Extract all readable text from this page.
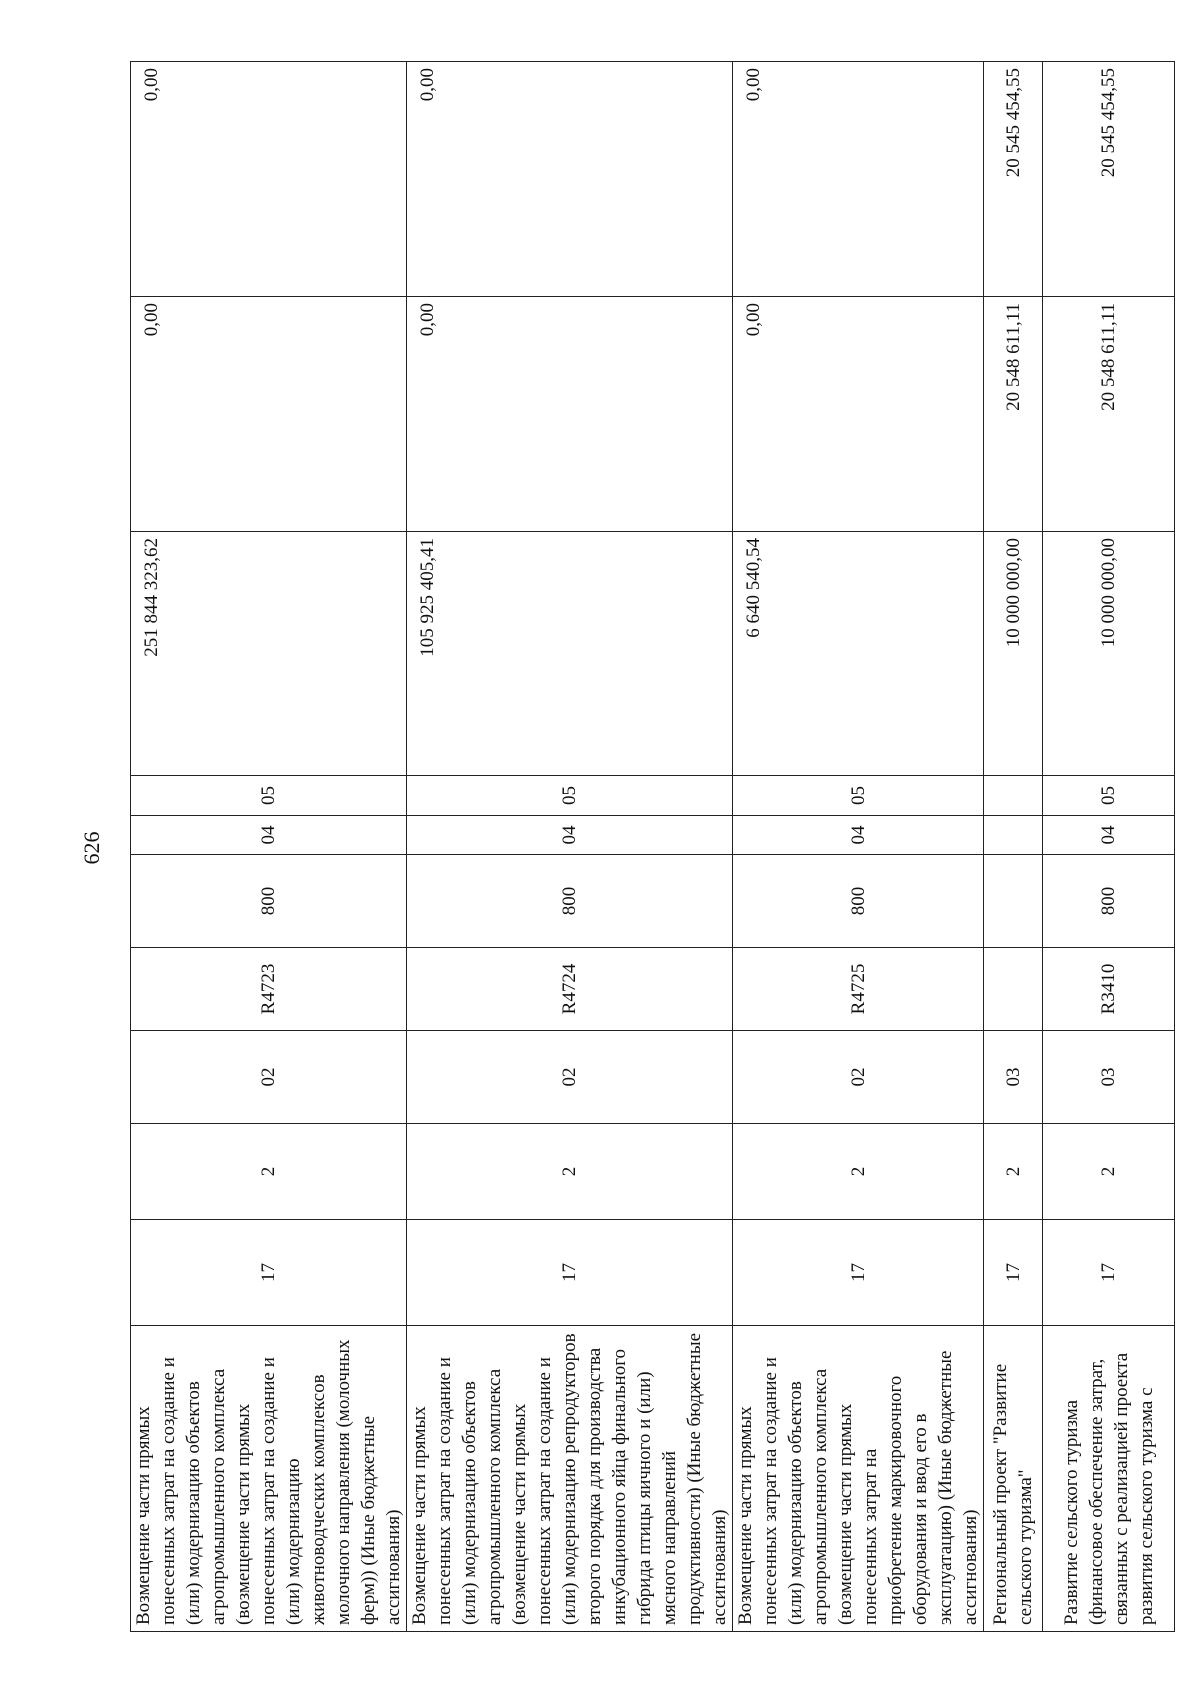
626
Возмещение части прямых понесенных затрат на создание и (или) модернизацию объектов агропромышленного комплекса (возмещение части прямых понесенных затрат на создание и (или) модернизацию животноводческих комплексов молочного направления (молочных ферм)) (Иные бюджетные ассигнования)	17	2	02	R4723	800	04	05	251 844 323,62	0,00	0,00
Возмещение части прямых понесенных затрат на создание и (или) модернизацию объектов агропромышленного комплекса (возмещение части прямых понесенных затрат на создание и (или) модернизацию репродукторов второго порядка для производства инкубационного яйца финального гибрида птицы яичного и (или) мясного направлений продуктивности) (Иные бюджетные ассигнования)	17	2	02	R4724	800	04	05	105 925 405,41	0,00	0,00
Возмещение части прямых понесенных затрат на создание и (или) модернизацию объектов агропромышленного комплекса (возмещение части прямых понесенных затрат на приобретение маркировочного оборудования и ввод его в эксплуатацию) (Иные бюджетные ассигнования)	17	2	02	R4725	800	04	05	6 640 540,54	0,00	0,00
Региональный проект "Развитие сельского туризма"	17	2	03					10 000 000,00	20 548 611,11	20 545 454,55
Развитие сельского туризма (финансовое обеспечение затрат, связанных с реализацией проекта развития сельского туризма с	17	2	03	R3410	800	04	05	10 000 000,00	20 548 611,11	20 545 454,55
